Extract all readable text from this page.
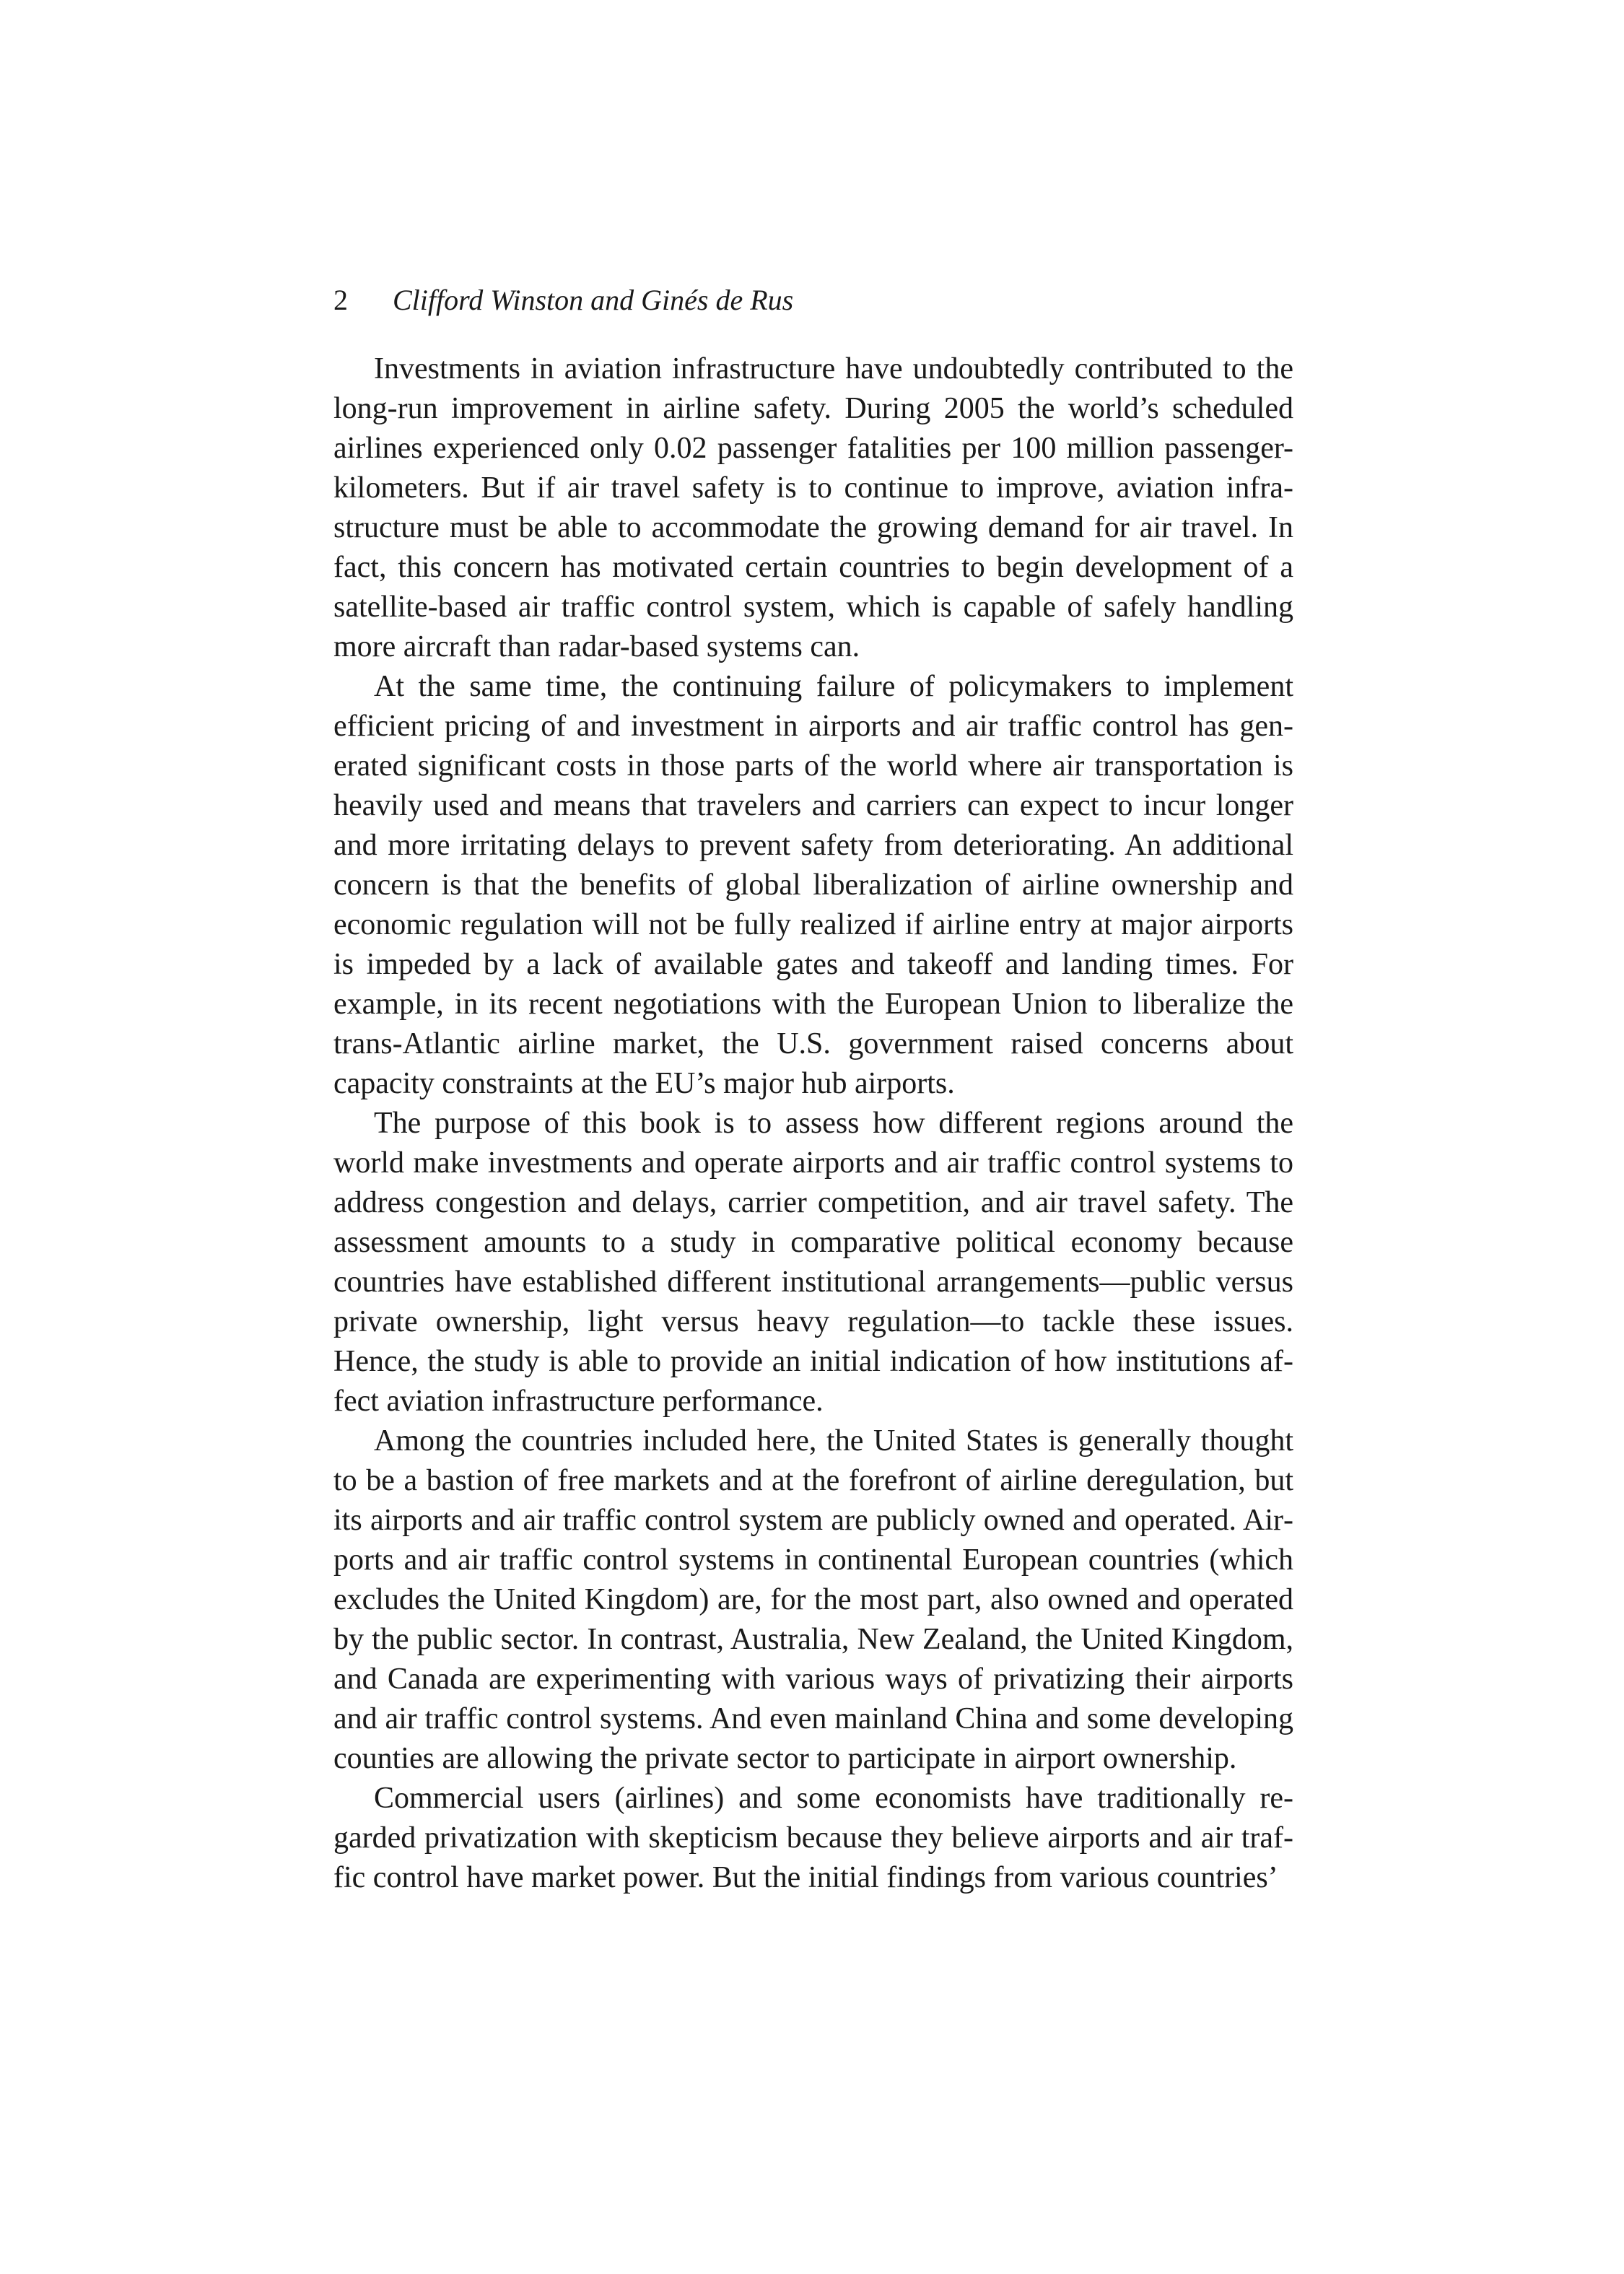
2 Clifford Winston and Ginés de Rus

Investments in aviation infrastructure have undoubtedly contributed to the long-run improvement in airline safety. During 2005 the world’s scheduled airlines experienced only 0.02 passenger fatalities per 100 million passenger-kilometers. But if air travel safety is to continue to improve, aviation infrastructure must be able to accommodate the growing demand for air travel. In fact, this concern has motivated certain countries to begin development of a satellite-based air traffic control system, which is capable of safely handling more aircraft than radar-based systems can.

At the same time, the continuing failure of policymakers to implement efficient pricing of and investment in airports and air traffic control has generated significant costs in those parts of the world where air transportation is heavily used and means that travelers and carriers can expect to incur longer and more irritating delays to prevent safety from deteriorating. An additional concern is that the benefits of global liberalization of airline ownership and economic regulation will not be fully realized if airline entry at major airports is impeded by a lack of available gates and takeoff and landing times. For example, in its recent negotiations with the European Union to liberalize the trans-Atlantic airline market, the U.S. government raised concerns about capacity constraints at the EU’s major hub airports.

The purpose of this book is to assess how different regions around the world make investments and operate airports and air traffic control systems to address congestion and delays, carrier competition, and air travel safety. The assessment amounts to a study in comparative political economy because countries have established different institutional arrangements—public versus private ownership, light versus heavy regulation—to tackle these issues. Hence, the study is able to provide an initial indication of how institutions affect aviation infrastructure performance.

Among the countries included here, the United States is generally thought to be a bastion of free markets and at the forefront of airline deregulation, but its airports and air traffic control system are publicly owned and operated. Airports and air traffic control systems in continental European countries (which excludes the United Kingdom) are, for the most part, also owned and operated by the public sector. In contrast, Australia, New Zealand, the United Kingdom, and Canada are experimenting with various ways of privatizing their airports and air traffic control systems. And even mainland China and some developing counties are allowing the private sector to participate in airport ownership.

Commercial users (airlines) and some economists have traditionally regarded privatization with skepticism because they believe airports and air traffic control have market power. But the initial findings from various countries’
